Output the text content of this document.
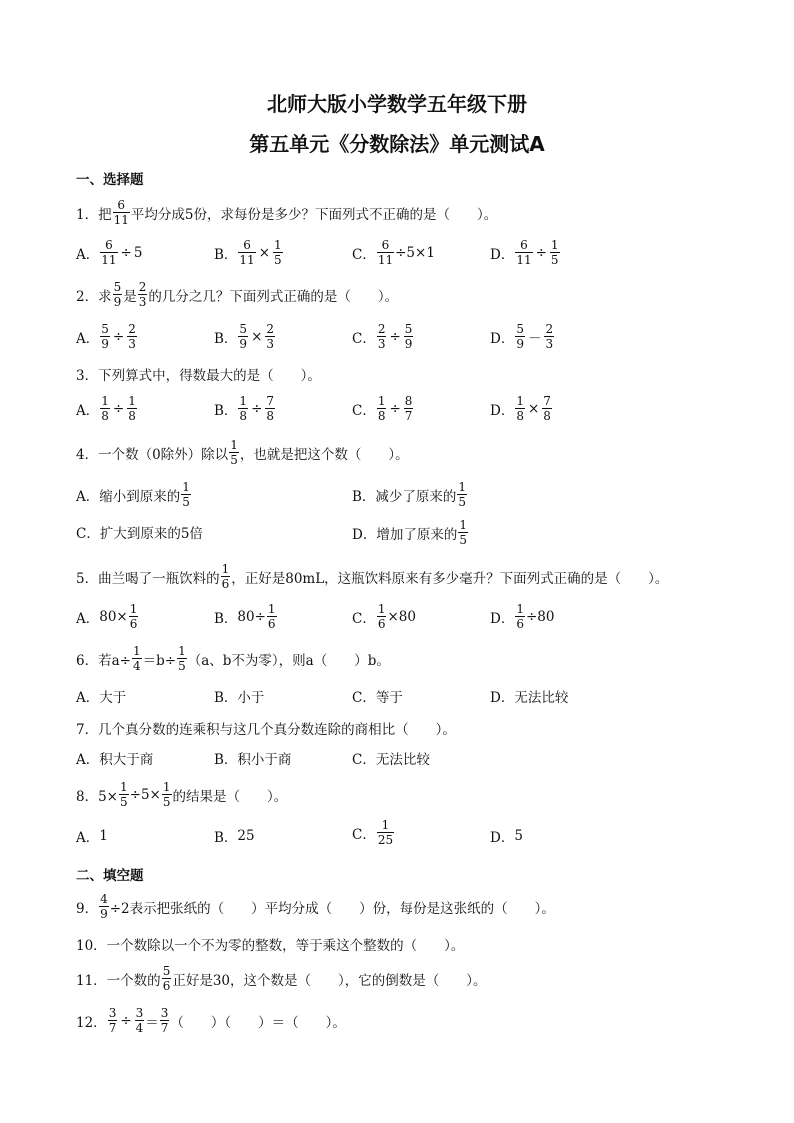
北师大版小学数学五年级下册
第五单元《分数除法》单元测试A
一、选择题
1．把 $\frac{6}{11}$ 平均分成5份，求每份是多少？下面列式不正确的是（　　）。
A． $\frac{6}{11} \div 5$	B． $\frac{6}{11} \times \frac{1}{5}$	C． $\frac{6}{11} \div 5\times 1$	D． $\frac{6}{11} \div \frac{1}{5}$
2．求 $\frac{5}{9}$ 是 $\frac{2}{3}$ 的几分之几？下面列式正确的是（　　）。
A． $\frac{5}{9} \div \frac{2}{3}$	B． $\frac{5}{9} \times \frac{2}{3}$	C． $\frac{2}{3} \div \frac{5}{9}$	D． $\frac{5}{9} - \frac{2}{3}$
3．下列算式中，得数最大的是（　　）。
A． $\frac{1}{8} \div \frac{1}{8}$	B． $\frac{1}{8} \div \frac{7}{8}$	C． $\frac{1}{8} \div \frac{8}{7}$	D． $\frac{1}{8} \times \frac{7}{8}$
4．一个数（0除外）除以 $\frac{1}{5}$ ，也就是把这个数（　　）。
A． 缩小到原来的 $\frac{1}{5}$	B． 减少了原来的 $\frac{1}{5}$
C． 扩大到原来的5倍	D． 增加了原来的 $\frac{1}{5}$
5．曲兰喝了一瓶饮料的 $\frac{1}{6}$ ，正好是80mL，这瓶饮料原来有多少毫升？下面列式正确的是（　　）。
A． $80\times \frac{1}{6}$	B． $80\div \frac{1}{6}$	C． $\frac{1}{6} \times 80$	D． $\frac{1}{6} \div 80$
6．若$a\div \frac{1}{4} =b\div \frac{1}{5} (a$、b不为零），则a（　　）b。
A． 大于	B． 小于	C． 等于	D． 无法比较
7．几个真分数的连乘积与这几个真分数连除的商相比（　　）。
A． 积大于商	B． 积小于商	C． 无法比较
8．$5\times \frac{1}{5} \div 5\times \frac{1}{5}$ 的结果是（　　）。
A． 1	B． 25	C． $\frac{1}{25}$	D． 5
二、填空题
9． $\frac{4}{9} \div 2$表示把张纸的（　　）平均分成（　　）份，每份是这张纸的（　　）。
10．一个数除以一个不为零的整数，等于乘这个整数的（　　）。
11．一个数的 $\frac{5}{6}$ 正好是30，这个数是（　　），它的倒数是（　　）。
12． $\frac{3}{7} \div \frac{3}{4} = \frac{3}{7}$ （　　）（　　）＝（　　）。
